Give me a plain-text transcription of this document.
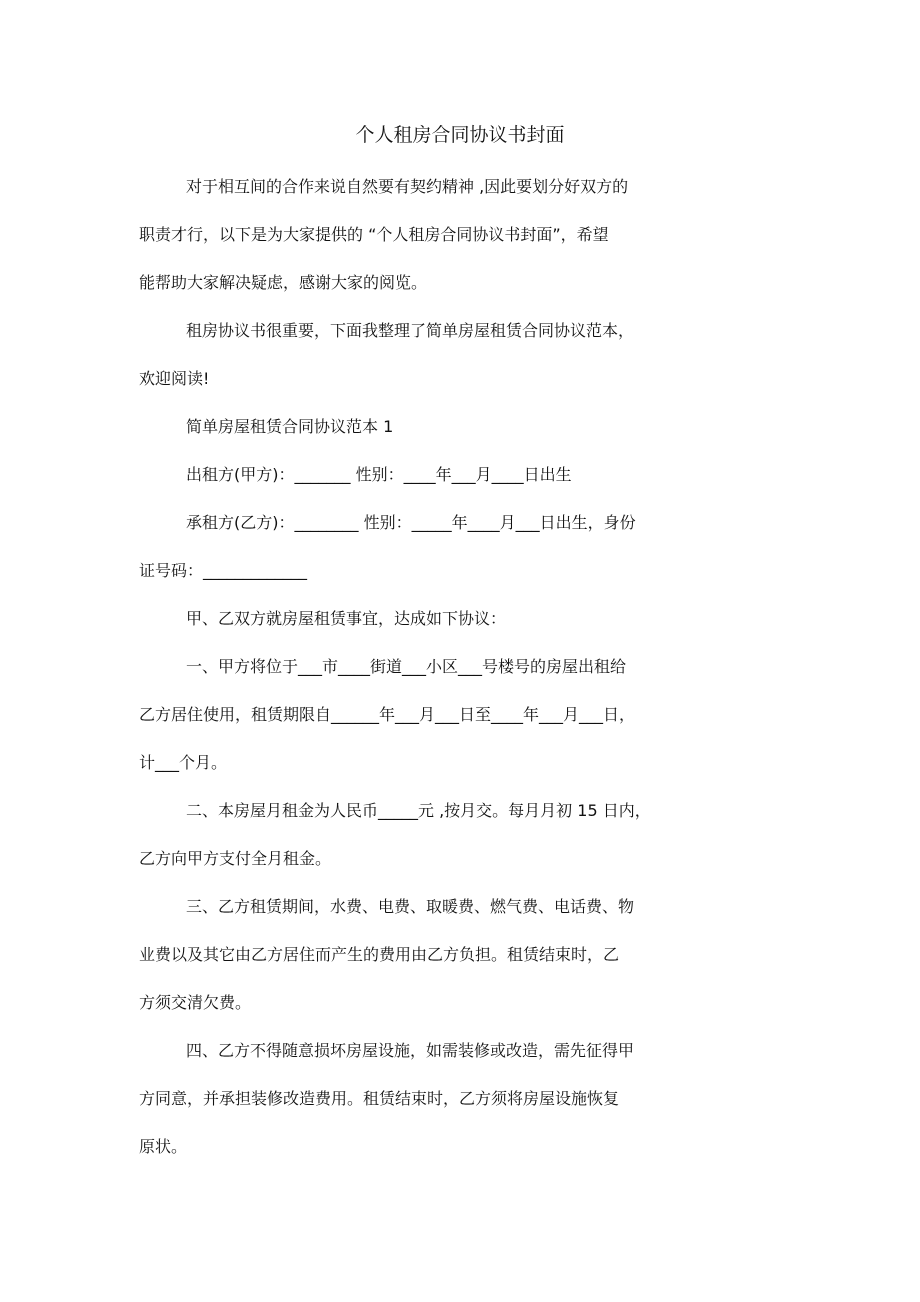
个人租房合同协议书封面
对于相互间的合作来说自然要有契约精神 ,因此要划分好双方的
职责才行，以下是为大家提供的 “个人租房合同协议书封面”，希望
能帮助大家解决疑虑，感谢大家的阅览。
租房协议书很重要，下面我整理了简单房屋租赁合同协议范本，
欢迎阅读!
简单房屋租赁合同协议范本 1
出租方(甲方)：_______ 性别：____年___月____日出生
承租方(乙方)：________ 性别：_____年____月___日出生，身份
证号码：_____________
甲、乙双方就房屋租赁事宜，达成如下协议：
一、甲方将位于___市____街道___小区___号楼号的房屋出租给
乙方居住使用，租赁期限自______年___月___日至____年___月___日，
计___个月。
二、本房屋月租金为人民币_____元 ,按月交。每月月初 15 日内，
乙方向甲方支付全月租金。
三、乙方租赁期间，水费、电费、取暖费、燃气费、电话费、物
业费以及其它由乙方居住而产生的费用由乙方负担。租赁结束时，乙
方须交清欠费。
四、乙方不得随意损坏房屋设施，如需装修或改造，需先征得甲
方同意，并承担装修改造费用。租赁结束时，乙方须将房屋设施恢复
原状。
